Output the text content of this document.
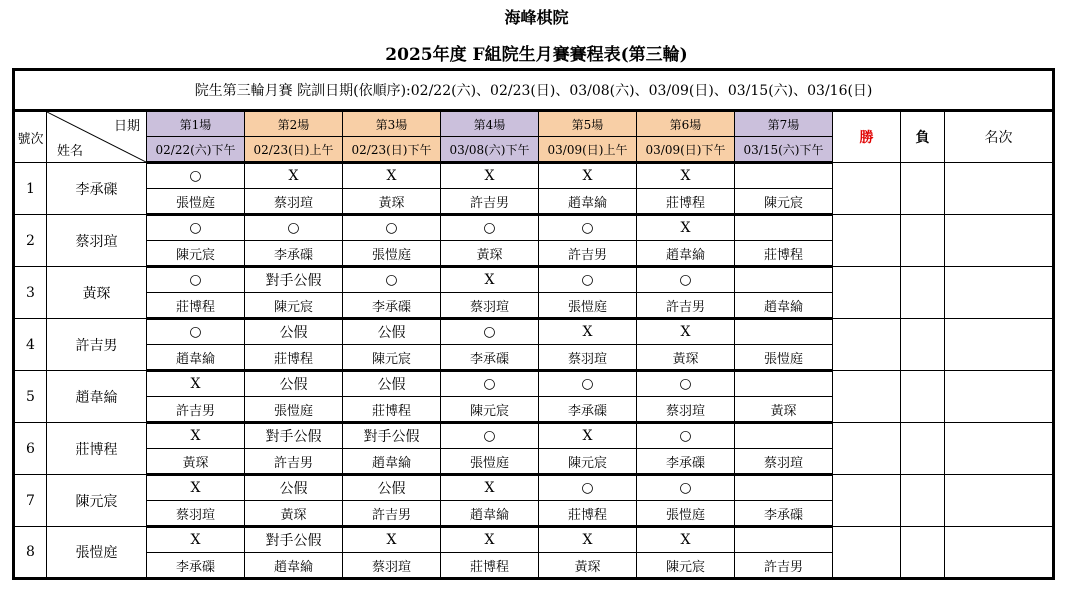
海峰棋院
2025年度 F組院生月賽賽程表(第三輪)
院生第三輪月賽 院訓日期(依順序):02/22(六)、02/23(日)、03/08(六)、03/09(日)、03/15(六)、03/16(日)											
號次	日期
姓名	第1場	第2場	第3場	第4場	第5場	第6場	第7場	勝	負	名次
		02/22(六)下午	02/23(日)上午	02/23(日)下午	03/08(六)下午	03/09(日)上午	03/09(日)下午	03/15(六)下午			
1	李承磲	○	X	X	X	X	X				
		張愷庭	蔡羽瑄	黃琛	許吉男	趙韋綸	莊博程	陳元宸			
2	蔡羽瑄	○	○	○	○	○	X				
		陳元宸	李承磲	張愷庭	黃琛	許吉男	趙韋綸	莊博程			
3	黃琛	○	對手公假	○	X	○	○				
		莊博程	陳元宸	李承磲	蔡羽瑄	張愷庭	許吉男	趙韋綸			
4	許吉男	○	公假	公假	○	X	X				
		趙韋綸	莊博程	陳元宸	李承磲	蔡羽瑄	黃琛	張愷庭			
5	趙韋綸	X	公假	公假	○	○	○				
		許吉男	張愷庭	莊博程	陳元宸	李承磲	蔡羽瑄	黃琛			
6	莊博程	X	對手公假	對手公假	○	X	○				
		黃琛	許吉男	趙韋綸	張愷庭	陳元宸	李承磲	蔡羽瑄			
7	陳元宸	X	公假	公假	X	○	○				
		蔡羽瑄	黃琛	許吉男	趙韋綸	莊博程	張愷庭	李承磲			
8	張愷庭	X	對手公假	X	X	X	X				
		李承磲	趙韋綸	蔡羽瑄	莊博程	黃琛	陳元宸	許吉男			
